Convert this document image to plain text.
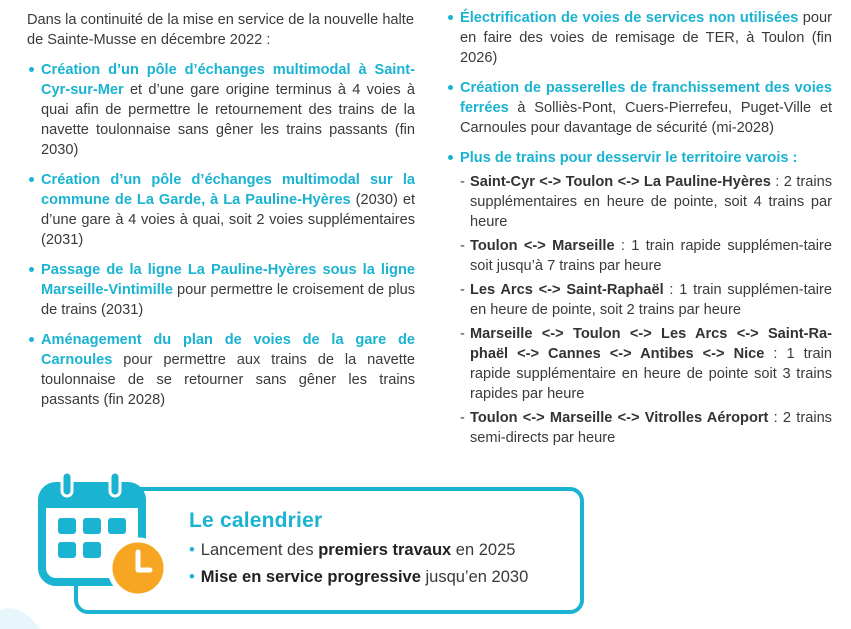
Dans la continuité de la mise en service de la nouvelle halte de Sainte-Musse en décembre 2022 :

Création d’un pôle d’échanges multimodal à Saint-Cyr-sur-Mer et d’une gare origine terminus à 4 voies à quai afin de permettre le retournement des trains de la navette toulonnaise sans gêner les trains passants (fin 2030)

Création d’un pôle d’échanges multimodal sur la commune de La Garde, à La Pauline-Hyères (2030) et d’une gare à 4 voies à quai, soit 2 voies supplémentaires (2031)

Passage de la ligne La Pauline-Hyères sous la ligne Marseille-Vintimille pour permettre le croisement de plus de trains (2031)

Aménagement du plan de voies de la gare de Carnoules pour permettre aux trains de la navette toulonnaise de se retourner sans gêner les trains passants (fin 2028)

Électrification de voies de services non utilisées pour en faire des voies de remisage de TER, à Toulon (fin 2026)

Création de passerelles de franchissement des voies ferrées à Solliès-Pont, Cuers-Pierrefeu, Puget-Ville et Carnoules pour davantage de sécurité (mi-2028)

Plus de trains pour desservir le territoire varois :

- Saint-Cyr <-> Toulon <-> La Pauline-Hyères : 2 trains supplémentaires en heure de pointe, soit 4 trains par heure

- Toulon <-> Marseille : 1 train rapide supplémen-taire soit jusqu’à 7 trains par heure

- Les Arcs <-> Saint-Raphaël : 1 train supplémen-taire en heure de pointe, soit 2 trains par heure

- Marseille <-> Toulon <-> Les Arcs <-> Saint-Ra-phaël <-> Cannes <-> Antibes <-> Nice : 1 train rapide supplémentaire en heure de pointe soit 3 trains rapides par heure

- Toulon <-> Marseille <-> Vitrolles Aéroport : 2 trains semi-directs par heure

Le calendrier
• Lancement des premiers travaux en 2025
• Mise en service progressive jusqu’en 2030
